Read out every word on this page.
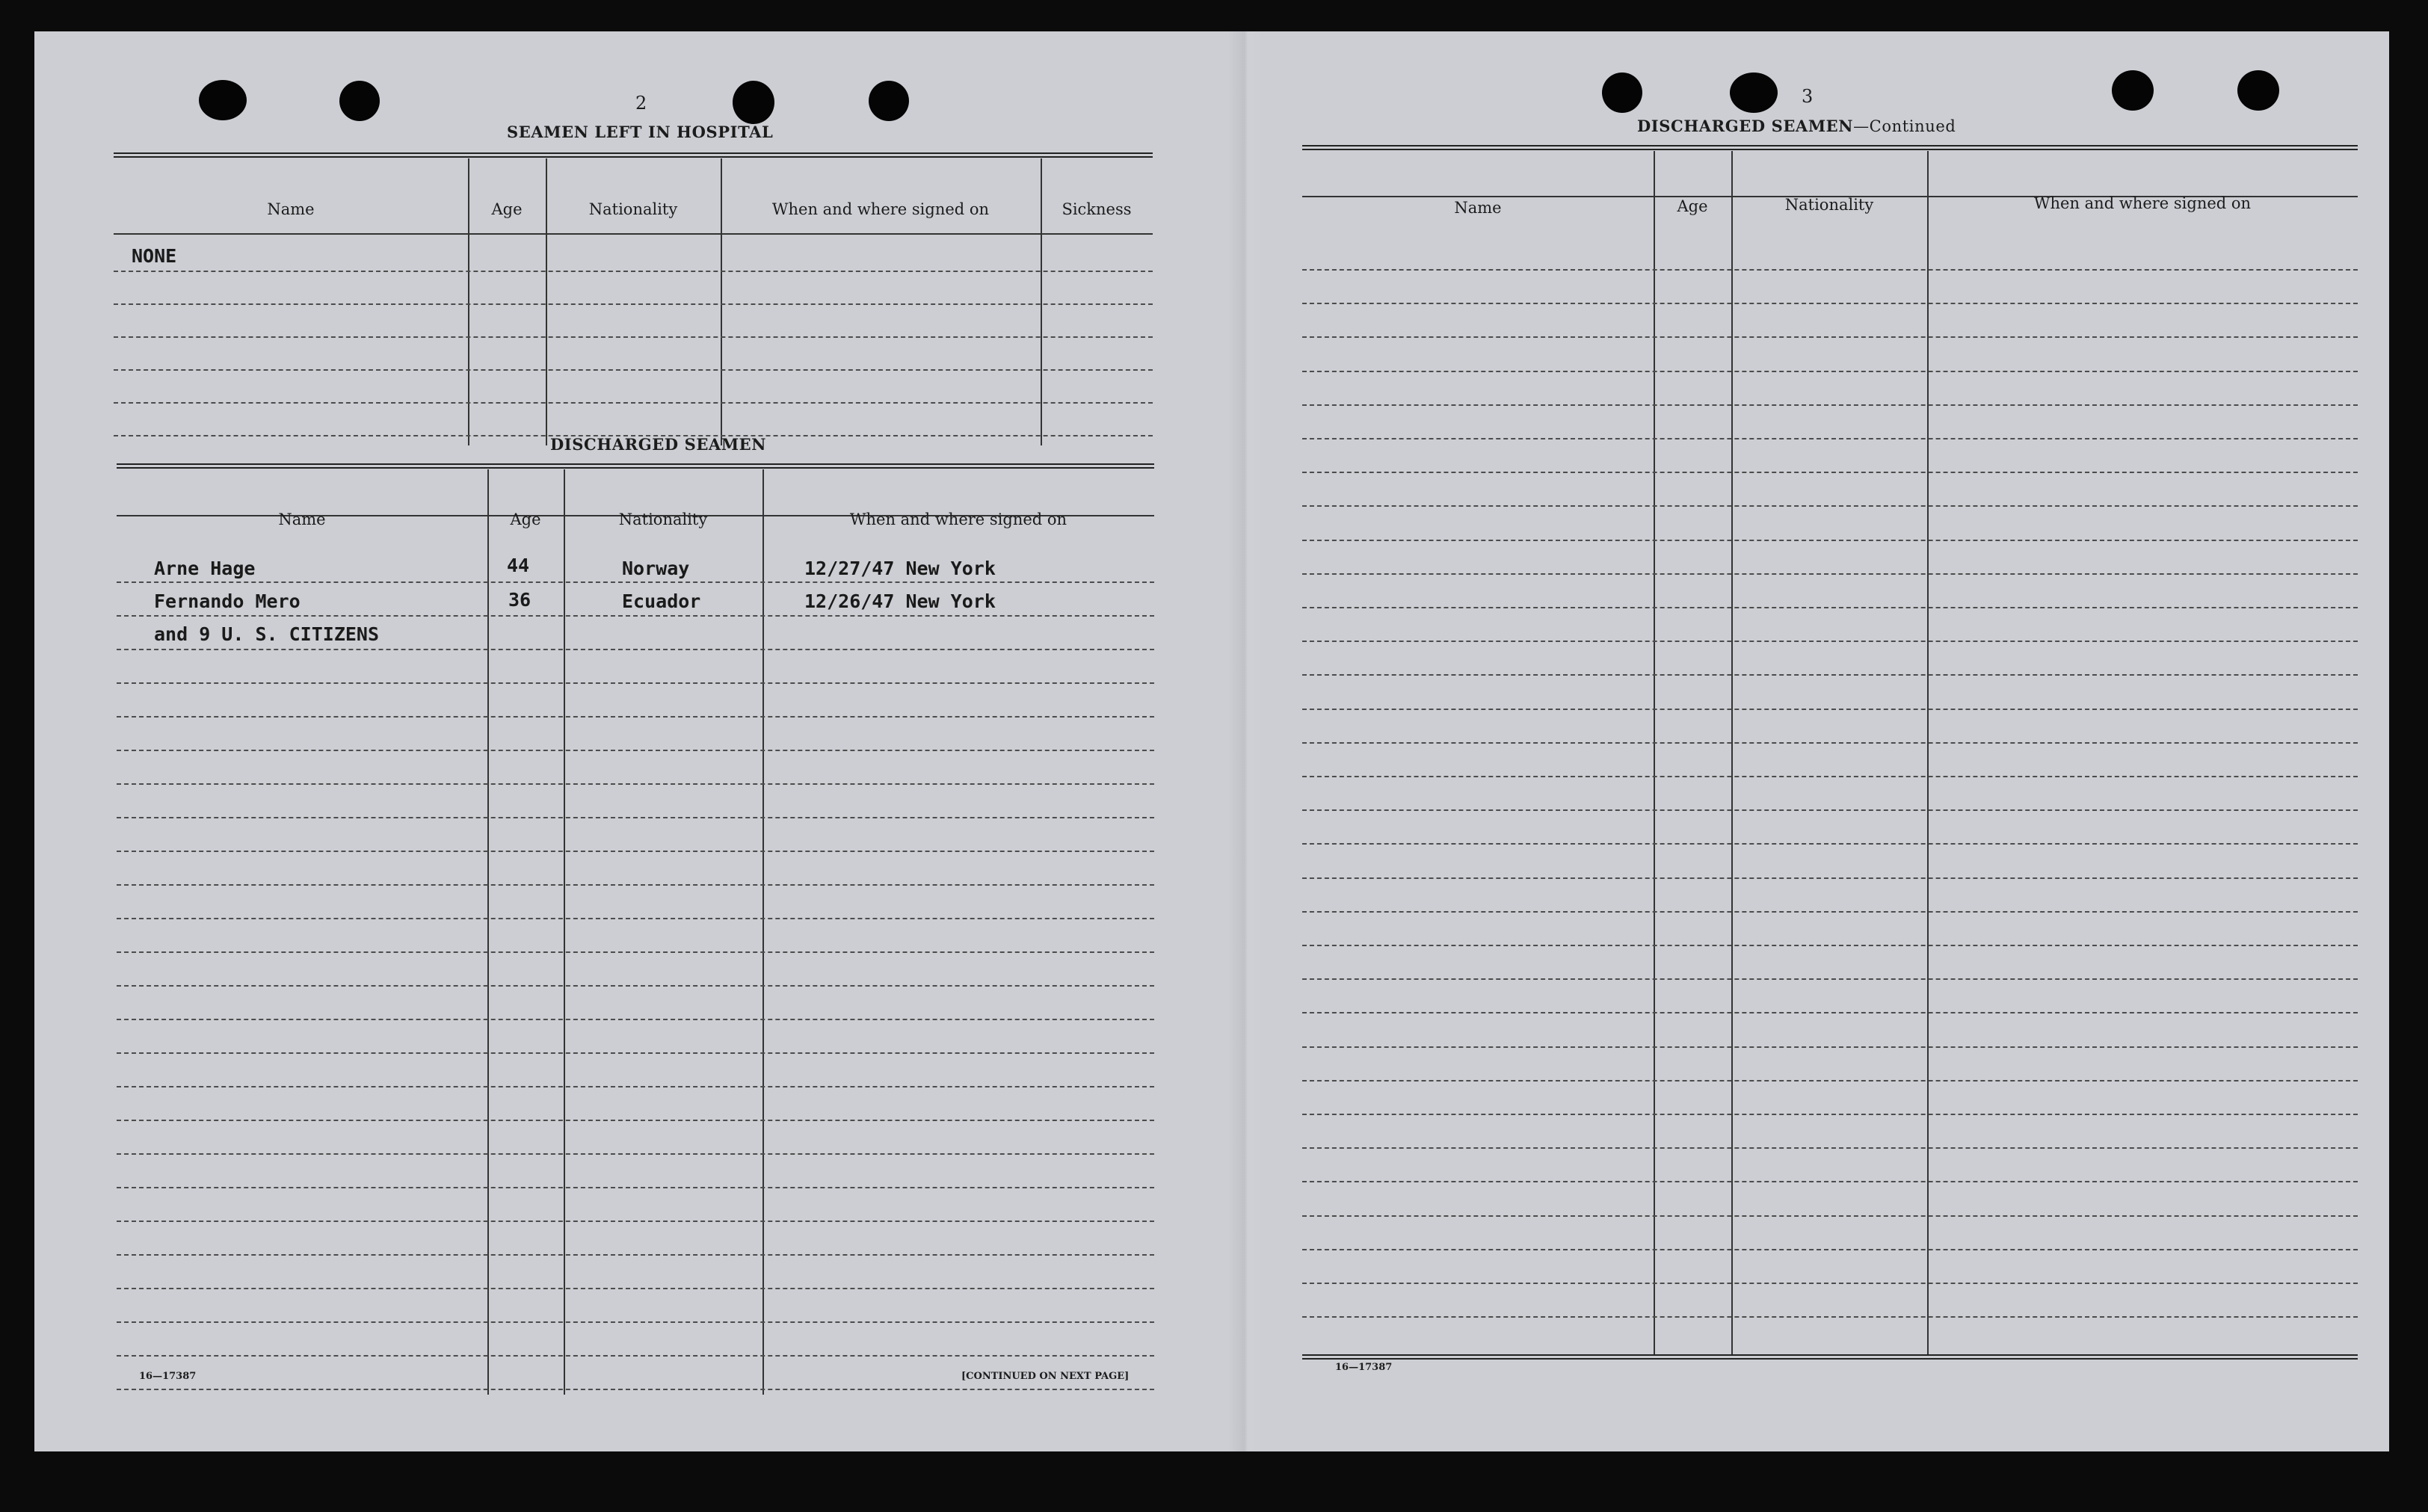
2
SEAMEN LEFT IN HOSPITAL
Name	Age	Nationality	When and where signed on	Sickness
NONE
DISCHARGED SEAMEN
Name	Age	Nationality	When and where signed on
Arne Hage	44	Norway	12/27/47 New York
Fernando Mero	36	Ecuador	12/26/47 New York
and 9 U. S. CITIZENS
16—17387	[CONTINUED ON NEXT PAGE]
3
DISCHARGED SEAMEN—Continued
Name	Age	Nationality	When and where signed on
16—17387
